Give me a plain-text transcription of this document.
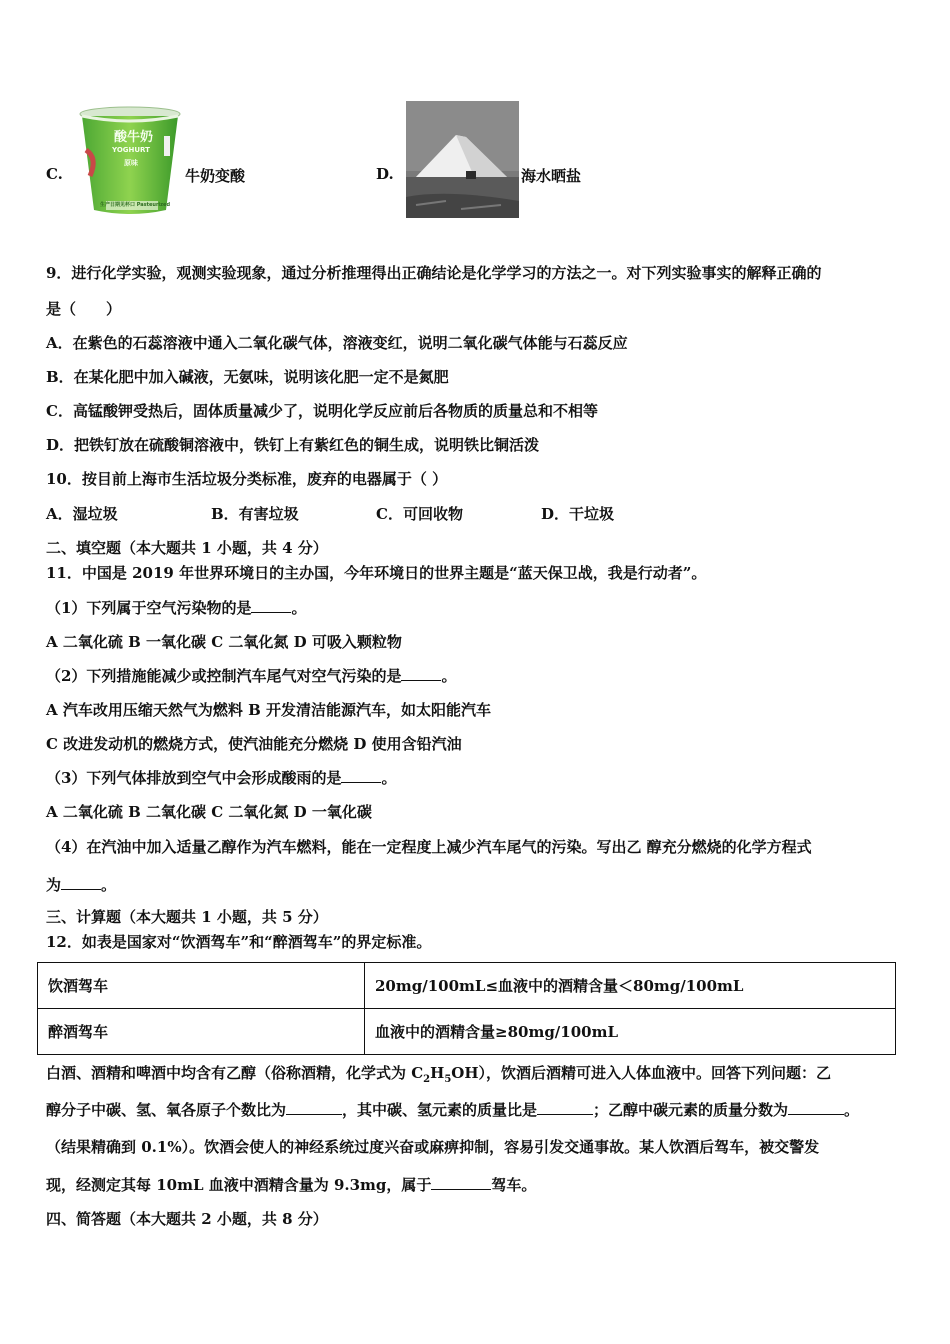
C.
酸牛奶
YOGHURT
原味
生产日期见杯口 Pasteurized
牛奶变酸	D.	海水晒盐
9．进行化学实验，观测实验现象，通过分析推理得出正确结论是化学学习的方法之一。对下列实验事实的解释正确的
是（　　）
A．在紫色的石蕊溶液中通入二氧化碳气体，溶液变红，说明二氧化碳气体能与石蕊反应
B．在某化肥中加入碱液，无氨味，说明该化肥一定不是氮肥
C．高锰酸钾受热后，固体质量减少了，说明化学反应前后各物质的质量总和不相等
D．把铁钉放在硫酸铜溶液中，铁钉上有紫红色的铜生成，说明铁比铜活泼
10．按目前上海市生活垃圾分类标准，废弃的电器属于（ ）
A．湿垃圾	B．有害垃圾	C．可回收物	D．干垃圾
二、填空题（本大题共 1 小题，共 4 分）
11．中国是 2019 年世界环境日的主办国，今年环境日的世界主题是“蓝天保卫战，我是行动者”。
（1）下列属于空气污染物的是	。
A 二氧化硫 B 一氧化碳 C 二氧化氮 D 可吸入颗粒物
（2）下列措施能减少或控制汽车尾气对空气污染的是	。
A 汽车改用压缩天然气为燃料 B 开发清洁能源汽车，如太阳能汽车
C 改进发动机的燃烧方式，使汽油能充分燃烧 D 使用含铅汽油
（3）下列气体排放到空气中会形成酸雨的是	。
A 二氧化硫 B 二氧化碳 C 二氧化氮 D 一氧化碳
（4）在汽油中加入适量乙醇作为汽车燃料，能在一定程度上减少汽车尾气的污染。写出乙 醇充分燃烧的化学方程式
为	。
三、计算题（本大题共 1 小题，共 5 分）
12．如表是国家对“饮酒驾车”和“醉酒驾车”的界定标准。
饮酒驾车	20mg/100mL≤血液中的酒精含量＜80mg/100mL
醉酒驾车	血液中的酒精含量≥80mg/100mL
白酒、酒精和啤酒中均含有乙醇（俗称酒精，化学式为 $C_2H_5OH$），饮酒后酒精可进入人体血液中。回答下列问题：乙
醇分子中碳、氢、氧各原子个数比为	，其中碳、氢元素的质量比是	；乙醇中碳元素的质量分数为	。
（结果精确到 0.1%）。饮酒会使人的神经系统过度兴奋或麻痹抑制，容易引发交通事故。某人饮酒后驾车，被交警发
现，经测定其每 10mL 血液中酒精含量为 9.3mg，属于	驾车。
四、简答题（本大题共 2 小题，共 8 分）
